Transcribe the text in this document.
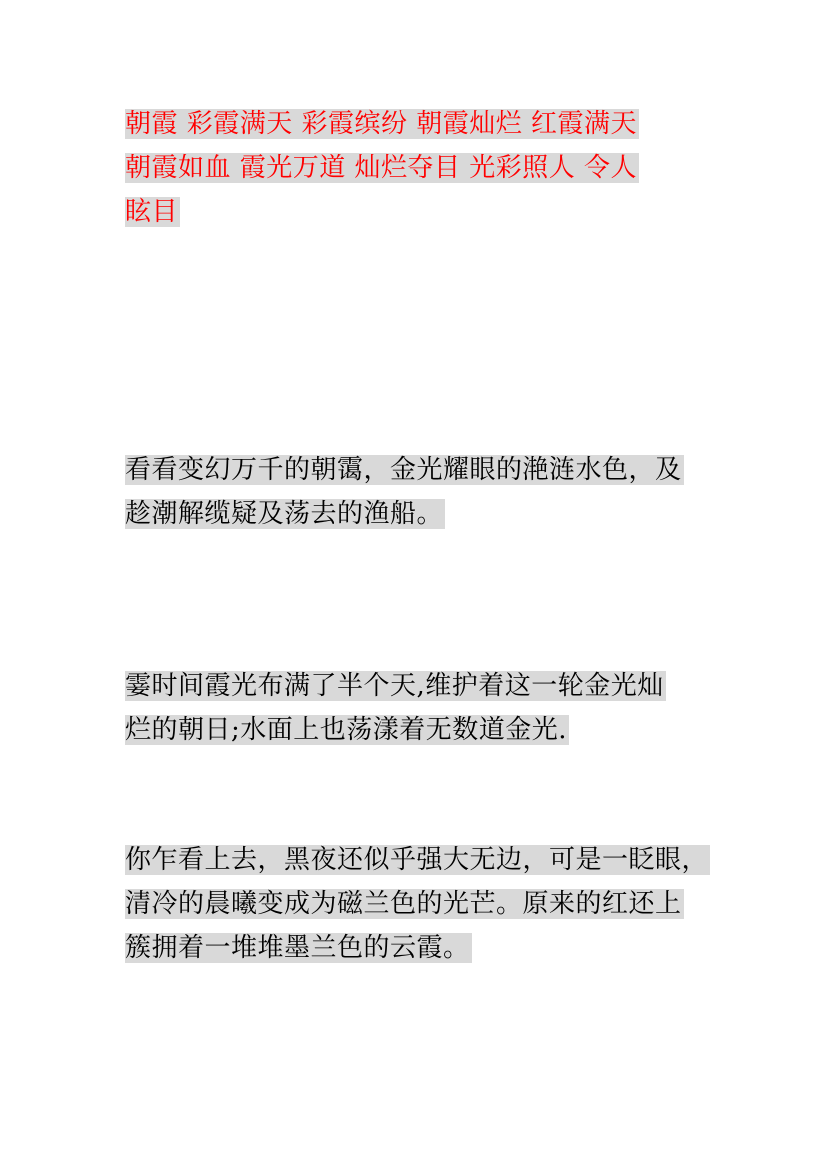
朝霞 彩霞满天 彩霞缤纷 朝霞灿烂 红霞满天
朝霞如血 霞光万道 灿烂夺目 光彩照人 令人
眩目

看看变幻万千的朝霭，金光耀眼的滟涟水色，及
趁潮解缆疑及荡去的渔船。

霎时间霞光布满了半个天,维护着这一轮金光灿
烂的朝日;水面上也荡漾着无数道金光.

你乍看上去，黑夜还似乎强大无边，可是一眨眼，
清冷的晨曦变成为磁兰色的光芒。原来的红还上
簇拥着一堆堆墨兰色的云霞。
